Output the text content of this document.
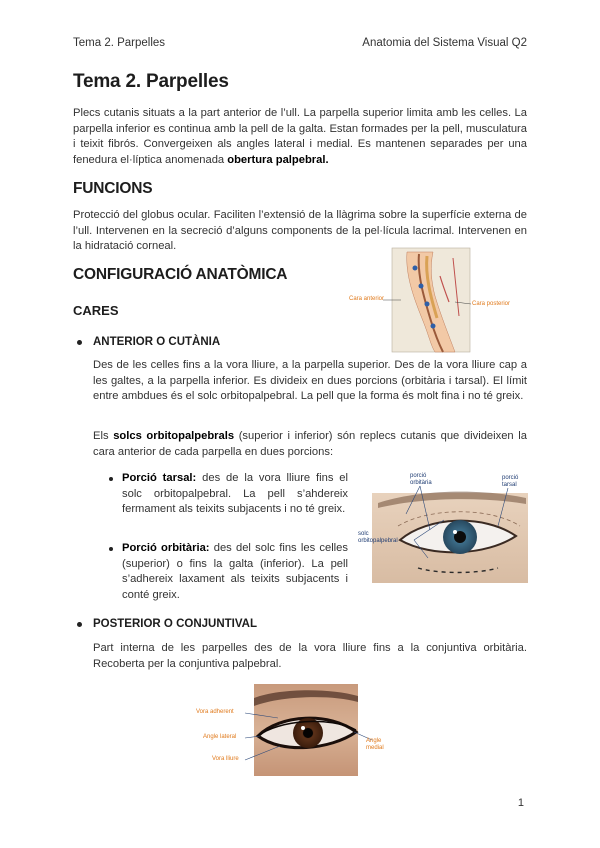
Tema 2. Parpelles	Anatomia del Sistema Visual Q2
Tema 2. Parpelles

Plecs cutanis situats a la part anterior de l’ull. La parpella superior limita amb les celles. La parpella inferior es continua amb la pell de la galta. Estan formades per la pell, musculatura i teixit fibrós. Convergeixen als angles lateral i medial. Es mantenen separades per una fenedura el·líptica anomenada obertura palpebral.

FUNCIONS

Protecció del globus ocular. Faciliten l’extensió de la llàgrima sobre la superfície externa de l’ull. Intervenen en la secreció d’alguns components de la pel·lícula lacrimal. Intervenen en la hidratació corneal.

CONFIGURACIÓ ANATÒMICA
CARES
Cara anterior
Cara posterior
ANTERIOR O CUTÀNIA

Des de les celles fins a la vora lliure, a la parpella superior. Des de la vora lliure cap a les galtes, a la parpella inferior. Es divideix en dues porcions (orbitària i tarsal). El límit entre ambdues és el solc orbitopalpebral. La pell que la forma és molt fina i no té greix.

Els solcs orbitopalpebrals (superior i inferior) són replecs cutanis que divideixen la cara anterior de cada parpella en dues porcions:

Porció tarsal: des de la vora lliure fins el solc orbitopalpebral. La pell s’ahdereix fermament als teixits subjacents i no té greix.
Porció orbitària: des del solc fins les celles (superior) o fins la galta (inferior). La pell s’adhereix laxament als teixits subjacents i conté greix.
porció orbitària
porció tarsal
solc orbitopalpebral
POSTERIOR O CONJUNTIVAL

Part interna de les parpelles des de la vora lliure fins a la conjuntiva orbitària. Recoberta per la conjuntiva palpebral.

Vora adherent
Angle lateral
Vora lliure
Angle medial
1
